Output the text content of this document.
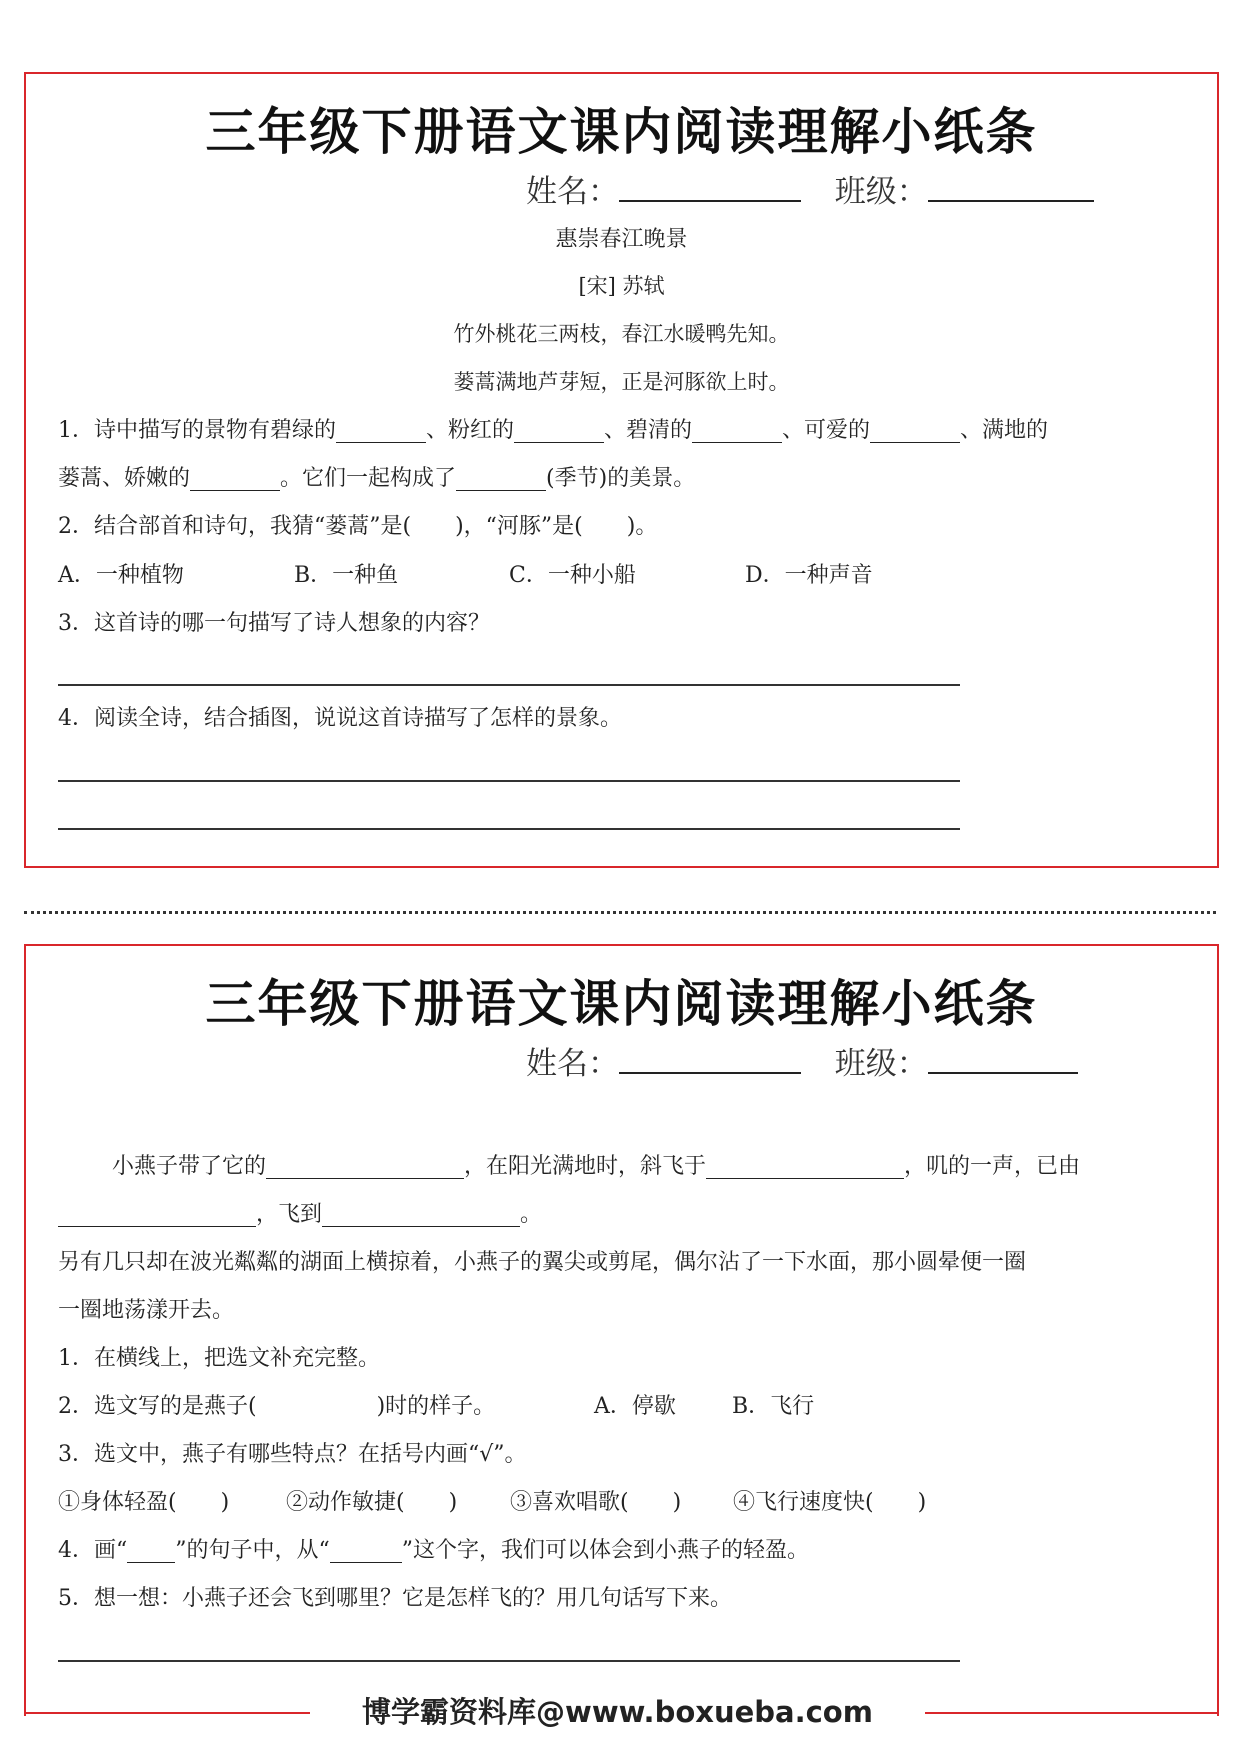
三年级下册语文课内阅读理解小纸条
姓名：	班级：
惠崇春江晚景
[宋] 苏轼
竹外桃花三两枝，春江水暖鸭先知。
蒌蒿满地芦芽短，正是河豚欲上时。
1．诗中描写的景物有碧绿的	、粉红的	、碧清的	、可爱的	、满地的
蒌蒿、娇嫩的	。它们一起构成了	(季节)的美景。
2．结合部首和诗句，我猜“蒌蒿”是(　　)，“河豚”是(　　)。
A．一种植物	B．一种鱼	C．一种小船	D．一种声音
3．这首诗的哪一句描写了诗人想象的内容？
4．阅读全诗，结合插图，说说这首诗描写了怎样的景象。
三年级下册语文课内阅读理解小纸条
姓名：	班级：
小燕子带了它的	，在阳光满地时，斜飞于	，叽的一声，已由
，飞到	。
另有几只却在波光粼粼的湖面上横掠着，小燕子的翼尖或剪尾，偶尔沾了一下水面，那小圆晕便一圈
一圈地荡漾开去。
1．在横线上，把选文补充完整。
2．选文写的是燕子(	)时的样子。	A．停歇	B．飞行
3．选文中，燕子有哪些特点？在括号内画“√”。
①身体轻盈(　　)	②动作敏捷(　　) ③喜欢唱歌(　　) ④飞行速度快(　　)
4．画“ ”的句子中，从“	”这个字，我们可以体会到小燕子的轻盈。
5．想一想：小燕子还会飞到哪里？它是怎样飞的？用几句话写下来。
博学霸资料库@www.boxueba.com
